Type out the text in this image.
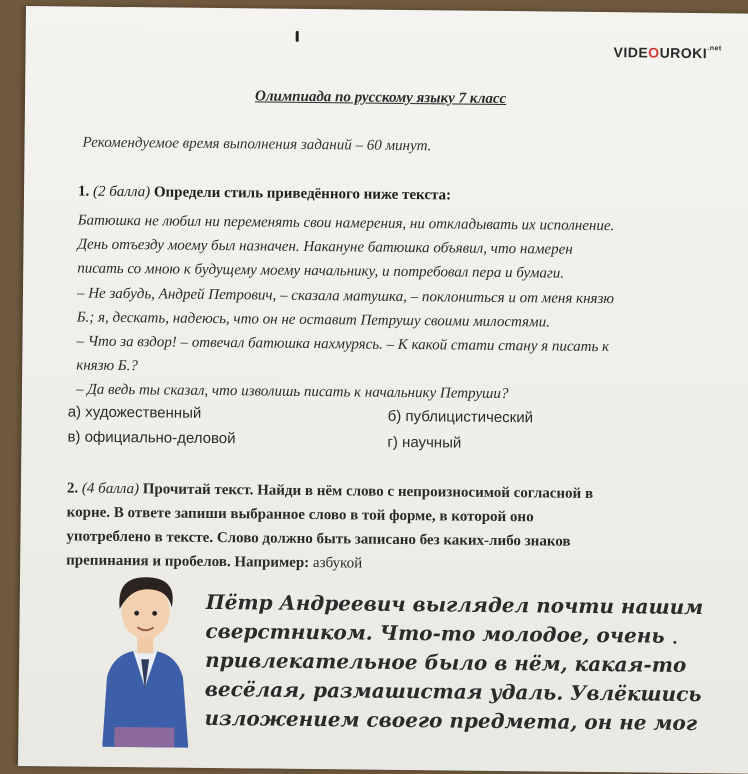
$VIDEOUROKI^{.net}$
Олимпиада по русскому языку 7 класс
Рекомендуемое время выполнения заданий – 60 минут.
1. (2 балла) Определи стиль приведённого ниже текста:
Батюшка не любил ни переменять свои намерения, ни откладывать их исполнение.
День отъезду моему был назначен. Накануне батюшка объявил, что намерен
писать со мною к будущему моему начальнику, и потребовал пера и бумаги.
– Не забудь, Андрей Петрович, – сказала матушка, – поклониться и от меня князю
Б.; я, дескать, надеюсь, что он не оставит Петрушу своими милостями.
– Что за вздор! – отвечал батюшка нахмурясь. – К какой стати стану я писать к
князю Б.?
– Да ведь ты сказал, что изволишь писать к начальнику Петруши?
а) художественный	б) публицистический
в) официально-деловой	г) научный
2. (4 балла) Прочитай текст. Найди в нём слово с непроизносимой согласной в
корне. В ответе запиши выбранное слово в той форме, в которой оно
употреблено в тексте. Слово должно быть записано без каких-либо знаков
препинания и пробелов. Например: азбукой
Пётр Андреевич выглядел почти нашим
сверстником. Что-то молодое, очень
привлекательное было в нём, какая-то
весёлая, размашистая удаль. Увлёкшись
изложением своего предмета, он не мог
